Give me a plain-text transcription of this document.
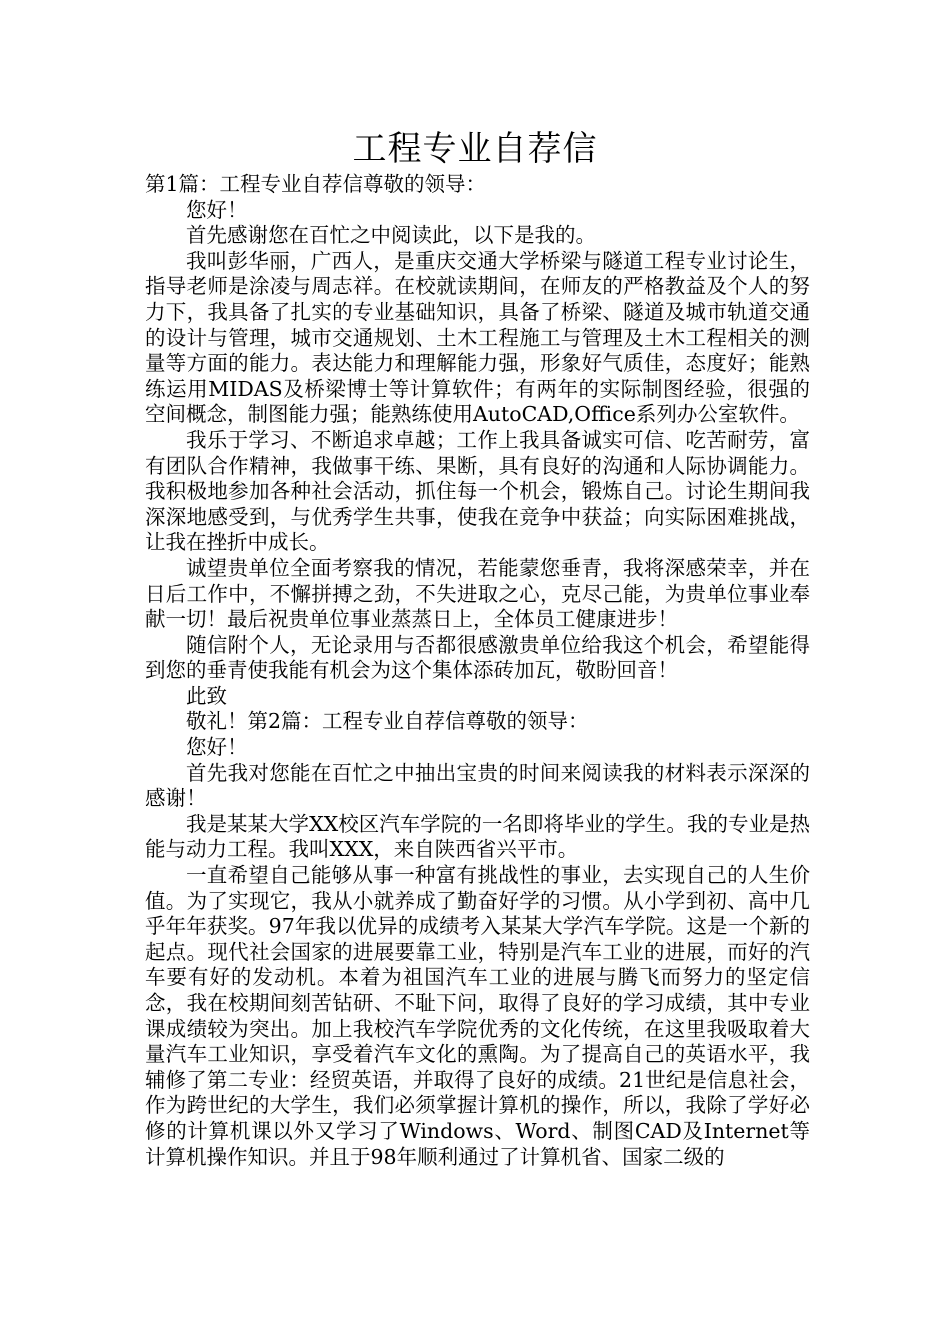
工程专业自荐信

第1篇：工程专业自荐信尊敬的领导：

您好！

首先感谢您在百忙之中阅读此，以下是我的。

我叫彭华丽，广西人，是重庆交通大学桥梁与隧道工程专业讨论生，指导老师是涂凌与周志祥。在校就读期间，在师友的严格教益及个人的努力下，我具备了扎实的专业基础知识，具备了桥梁、隧道及城市轨道交通的设计与管理，城市交通规划、土木工程施工与管理及土木工程相关的测量等方面的能力。表达能力和理解能力强，形象好气质佳，态度好；能熟练运用MIDAS及桥梁博士等计算软件；有两年的实际制图经验，很强的空间概念，制图能力强；能熟练使用AutoCAD,Office系列办公室软件。

我乐于学习、不断追求卓越；工作上我具备诚实可信、吃苦耐劳，富有团队合作精神，我做事干练、果断，具有良好的沟通和人际协调能力。我积极地参加各种社会活动，抓住每一个机会，锻炼自己。讨论生期间我深深地感受到，与优秀学生共事，使我在竞争中获益；向实际困难挑战，让我在挫折中成长。

诚望贵单位全面考察我的情况，若能蒙您垂青，我将深感荣幸，并在日后工作中，不懈拼搏之劲，不失进取之心，克尽己能，为贵单位事业奉献一切！最后祝贵单位事业蒸蒸日上，全体员工健康进步！

随信附个人，无论录用与否都很感激贵单位给我这个机会，希望能得到您的垂青使我能有机会为这个集体添砖加瓦，敬盼回音！

此致

敬礼！第2篇：工程专业自荐信尊敬的领导：

您好！

首先我对您能在百忙之中抽出宝贵的时间来阅读我的材料表示深深的感谢！

我是某某大学XX校区汽车学院的一名即将毕业的学生。我的专业是热能与动力工程。我叫XXX，来自陕西省兴平市。

一直希望自己能够从事一种富有挑战性的事业，去实现自己的人生价值。为了实现它，我从小就养成了勤奋好学的习惯。从小学到初、高中几乎年年获奖。97年我以优异的成绩考入某某大学汽车学院。这是一个新的起点。现代社会国家的进展要靠工业，特别是汽车工业的进展，而好的汽车要有好的发动机。本着为祖国汽车工业的进展与腾飞而努力的坚定信念，我在校期间刻苦钻研、不耻下问，取得了良好的学习成绩，其中专业课成绩较为突出。加上我校汽车学院优秀的文化传统，在这里我吸取着大量汽车工业知识，享受着汽车文化的熏陶。为了提高自己的英语水平，我辅修了第二专业：经贸英语，并取得了良好的成绩。21世纪是信息社会，作为跨世纪的大学生，我们必须掌握计算机的操作，所以，我除了学好必修的计算机课以外又学习了Windows、Word、制图CAD及Internet等计算机操作知识。并且于98年顺利通过了计算机省、国家二级的
